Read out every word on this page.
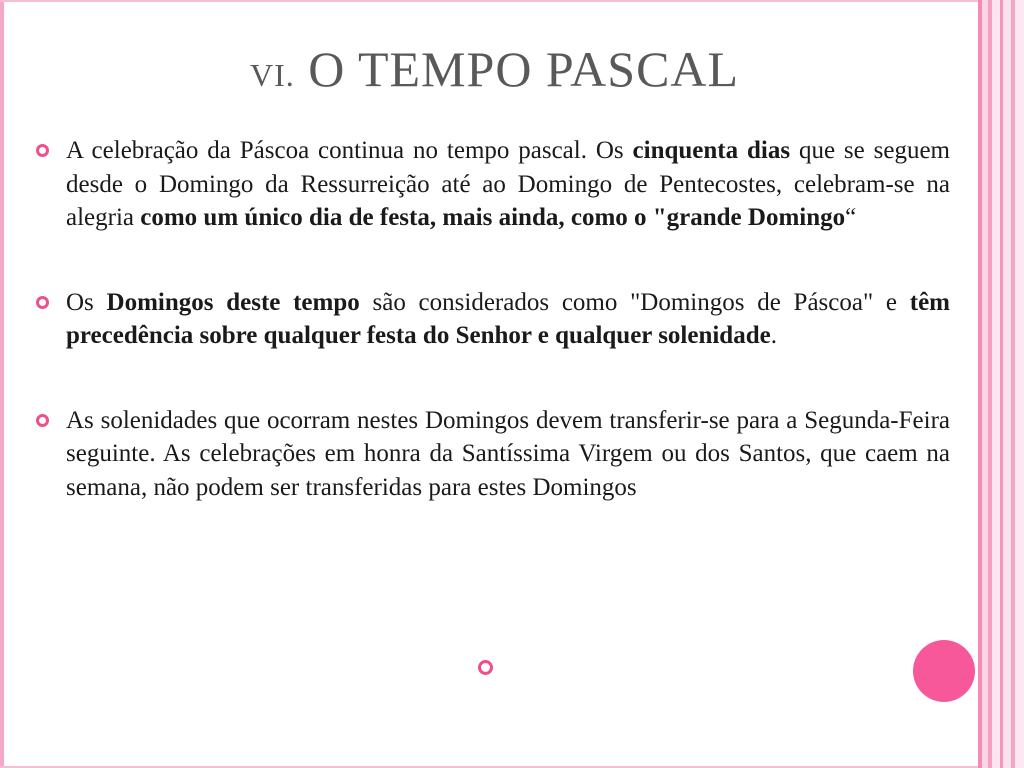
VI. O TEMPO PASCAL
A celebração da Páscoa continua no tempo pascal. Os cinquenta dias que se seguem desde o Domingo da Ressurreição até ao Domingo de Pentecostes, celebram-se na alegria como um único dia de festa, mais ainda, como o "grande Domingo“
Os Domingos deste tempo são considerados como "Domingos de Páscoa" e têm precedência sobre qualquer festa do Senhor e qualquer solenidade.
As solenidades que ocorram nestes Domingos devem transferir-se para a Segunda-Feira seguinte. As celebrações em honra da Santíssima Virgem ou dos Santos, que caem na semana, não podem ser transferidas para estes Domingos
